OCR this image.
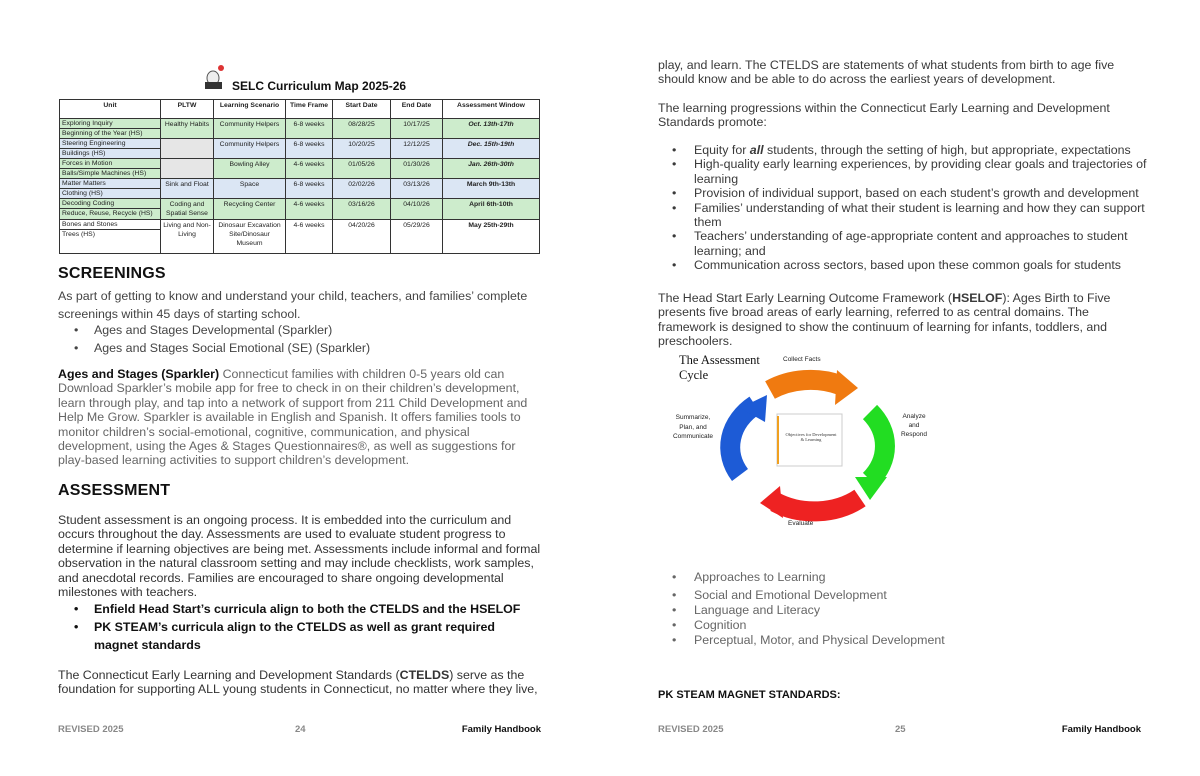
SELC Curriculum Map 2025-26
Unit	PLTW	Learning Scenario	Time Frame	Start Date	End Date	Assessment Window

Exploring Inquiry
Beginning of the Year (HS)	Healthy Habits	Community Helpers	6-8 weeks	08/28/25	10/17/25	Oct. 13th-17th

Steering Engineering
Buildings (HS)		Community Helpers	6-8 weeks	10/20/25	12/12/25	Dec. 15th-19th

Forces in Motion
Balls/Simple Machines (HS)		Bowling Alley	4-6 weeks	01/05/26	01/30/26	Jan. 26th-30th

Matter Matters
Clothing (HS)	Sink and Float	Space	6-8 weeks	02/02/26	03/13/26	March 9th-13th

Decoding Coding
Reduce, Reuse, Recycle (HS)	Coding and Spatial Sense	Recycling Center	4-6 weeks	03/16/26	04/10/26	April 6th-10th

Bones and Stones
Trees (HS)	Living and Non-Living	Dinosaur Excavation Site/Dinosaur Museum	4-6 weeks	04/20/26	05/29/26	May 25th-29th
SCREENINGS
As part of getting to know and understand your child, teachers, and families’ complete screenings within 45 days of starting school.
• Ages and Stages Developmental (Sparkler)
• Ages and Stages Social Emotional (SE) (Sparkler)
Ages and Stages (Sparkler) Connecticut families with children 0-5 years old can Download Sparkler’s mobile app for free to check in on their children’s development, learn through play, and tap into a network of support from 211 Child Development and Help Me Grow. Sparkler is available in English and Spanish. It offers families tools to monitor children’s social-emotional, cognitive, communication, and physical development, using the Ages & Stages Questionnaires®, as well as suggestions for play-based learning activities to support children’s development.
ASSESSMENT
Student assessment is an ongoing process. It is embedded into the curriculum and occurs throughout the day. Assessments are used to evaluate student progress to determine if learning objectives are being met. Assessments include informal and formal observation in the natural classroom setting and may include checklists, work samples, and anecdotal records. Families are encouraged to share ongoing developmental milestones with teachers.
• Enfield Head Start’s curricula align to both the CTELDS and the HSELOF
• PK STEAM’s curricula align to the CTELDS as well as grant required magnet standards
The Connecticut Early Learning and Development Standards (CTELDS) serve as the foundation for supporting ALL young students in Connecticut, no matter where they live,
REVISED 2025	24	Family Handbook
play, and learn. The CTELDS are statements of what students from birth to age five should know and be able to do across the earliest years of development.
The learning progressions within the Connecticut Early Learning and Development Standards promote:
• Equity for all students, through the setting of high, but appropriate, expectations
• High-quality early learning experiences, by providing clear goals and trajectories of learning
• Provision of individual support, based on each student’s growth and development
• Families’ understanding of what their student is learning and how they can support them
• Teachers’ understanding of age-appropriate content and approaches to student learning; and
• Communication across sectors, based upon these common goals for students
The Head Start Early Learning Outcome Framework (HSELOF): Ages Birth to Five presents five broad areas of early learning, referred to as central domains. The framework is designed to show the continuum of learning for infants, toddlers, and preschoolers.
The Assessment Cycle
Collect Facts
Analyze and Respond
Evaluate
Summarize, Plan, and Communicate	Objectives for Development & Learning
• Approaches to Learning
• Social and Emotional Development
• Language and Literacy
• Cognition
• Perceptual, Motor, and Physical Development
PK STEAM MAGNET STANDARDS:
REVISED 2025	25	Family Handbook
